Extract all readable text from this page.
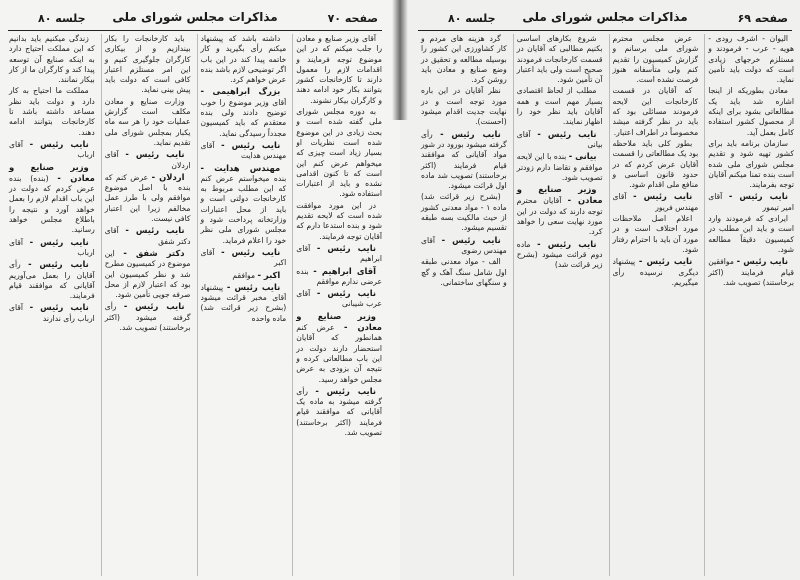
صفحه ۷۰
مذاکرات مجلس شورای ملی
جلسه ۸۰

آقای وزیر صنایع و معادن را جلب میکنم که در این موضوع توجه فرمایند و اقدامات لازم را معمول دارند تا کارخانجات کشور بتوانند بکار خود ادامه دهند و کارگران بیکار نشوند.

به دوره مجلس شورای ملی گفته شده است و بحث زیادی در این موضوع شده است نظریات او بسیار زیاد است چیزی که میخواهم عرض کنم این است که تا کنون اقدامی نشده و باید از اعتبارات استفاده شود.

در این مورد موافقت شده است که لایحه تقدیم شود و بنده استدعا دارم که آقایان توجه فرمایند.

نایب رئیس - آقای ابراهیم

آقای ابراهیم - بنده عرضی ندارم موافقم

نایب رئیس - آقای عرب شیبانی

وزیر صنایع و معادن - عرض کنم همانطور که آقایان استحضار دارند دولت در این باب مطالعاتی کرده و نتیجه آن بزودی به عرض مجلس خواهد رسید.

نایب رئیس - رأی گرفته میشود به ماده یک آقایانی که موافقند قیام فرمایند (اکثر برخاستند) تصویب شد.

داشته باشد که پیشنهاد میکنم رأی بگیرید و کار خاتمه پیدا کند در این باب اگر توضیحی لازم باشد بنده عرض خواهم کرد.

بزرگ ابراهیمی - آقای وزیر موضوع را خوب توضیح دادند ولی بنده معتقدم که باید کمیسیون مجدداً رسیدگی نماید.

نایب رئیس - آقای مهندس هدایت

مهندس هدایت - بنده میخواستم عرض کنم که این مطلب مربوط به کارخانجات دولتی است و باید از محل اعتبارات وزارتخانه پرداخت شود و مجلس شورای ملی نظر خود را اعلام فرماید.

نایب رئیس - آقای اکبر

اکبر - موافقم

نایب رئیس - پیشنهاد آقای مخبر قرائت میشود (بشرح زیر قرائت شد) ماده واحده

باید کارخانجات را بکار بیندازیم و از بیکاری کارگران جلوگیری کنیم و این امر مستلزم اعتبار کافی است که دولت باید پیش بینی نماید.

وزارت صنایع و معادن مکلف است گزارش عملیات خود را هر سه ماه یکبار بمجلس شورای ملی تقدیم نماید.

نایب رئیس - آقای اردلان

اردلان - عرض کنم که بنده با اصل موضوع موافقم ولی با طرز عمل مخالفم زیرا این اعتبار کافی نیست.

نایب رئیس - آقای دکتر شفق

دکتر شفق - این موضوع در کمیسیون مطرح شد و نظر کمیسیون این بود که اعتبار لازم از محل صرفه جویی تأمین شود.

نایب رئیس - رأی گرفته میشود (اکثر برخاستند) تصویب شد.

زندگی میکنیم باید بدانیم که این مملکت احتیاج دارد به اینکه صنایع آن توسعه پیدا کند و کارگران ما از کار بیکار نمانند.

مملکت ما احتیاج به کار دارد و دولت باید نظر مساعد داشته باشد تا کارخانجات بتوانند ادامه دهند.

نایب رئیس - آقای ارباب

وزیر صنایع و معادن - (بنده) بنده عرض کردم که دولت در این باب اقدام لازم را بعمل خواهد آورد و نتیجه را باطلاع مجلس خواهد رسانید.

نایب رئیس - آقای ارباب

نایب رئیس - رأی آقایان را بعمل می‌آوریم آقایانی که موافقند قیام فرمایند.

نایب رئیس - آقای ارباب رأی ندارند

صفحه ۶۹
مذاکرات مجلس شورای ملی
جلسه ۸۰

الیوان - اشرف رودی - هویه - عرب - فرمودند و مستلزم خرجهای زیادی است که دولت باید تأمین نماید.

معادن بطوریکه از اینجا اشاره شد باید یک مطالعاتی بشود برای اینکه از محصول کشور استفاده کامل بعمل آید.

سازمان برنامه باید برای کشور تهیه شود و تقدیم مجلس شورای ملی شده است بنده تمنا میکنم آقایان توجه بفرمایند.

نایب رئیس - آقای امیر تیمور

ایرادی که فرمودند وارد است و باید این مطلب در کمیسیون دقیقاً مطالعه شود.

نایب رئیس - موافقین قیام فرمایند (اکثر برخاستند) تصویب شد.

عرض مجلس محترم شورای ملی برسانم و گزارش کمیسیون را تقدیم کنم ولی متأسفانه هنوز فرصت نشده است.

که آقایان در قسمت کارخانجات این لایحه فرمودند مسائلی بود که باید در نظر گرفته میشد مخصوصاً در اطراف اعتبار.

بطور کلی باید ملاحظه بود یک مطالعاتی را قسمت آقایان عرض کردم که در حدود قانون اساسی و منافع ملی اقدام شود.

نایب رئیس - آقای مهندس فریور

اعلام اصل ملاحظات مورد اختلاف است و در مورد آن باید با احترام رفتار شود.

نایب رئیس - پیشنهاد دیگری نرسیده رأی میگیریم.

شروع بکارهای اساسی بکنیم مطالبی که آقایان در قسمت کارخانجات فرمودند صحیح است ولی باید اعتبار آن تأمین شود.

مطلب از لحاظ اقتصادی بسیار مهم است و همه آقایان باید نظر خود را اظهار نمایند.

نایب رئیس - آقای بیانی

بیانی - بنده با این لایحه موافقم و تقاضا دارم زودتر تصویب شود.

وزیر صنایع و معادن - آقایان محترم توجه دارند که دولت در این مورد نهایت سعی را خواهد کرد.

نایب رئیس - ماده دوم قرائت میشود (بشرح زیر قرائت شد)

گرد هزینه های مردم و کار کشاورزی این کشور را بوسیله مطالعه و تحقیق در وضع صنایع و معادن باید روشن کرد.

نظر آقایان در این باره مورد توجه است و در نهایت جدیت اقدام میشود (احسنت).

نایب رئیس - رأی گرفته میشود بورود در شور مواد آقایانی که موافقند قیام فرمایند (اکثر برخاستند) تصویب شد ماده اول قرائت میشود.

(بشرح زیر قرائت شد) ماده ۱ - مواد معدنی کشور از حیث مالکیت بسه طبقه تقسیم میشود.

نایب رئیس - آقای مهندس رضوی

الف - مواد معدنی طبقه اول شامل سنگ آهک و گچ و سنگهای ساختمانی.
